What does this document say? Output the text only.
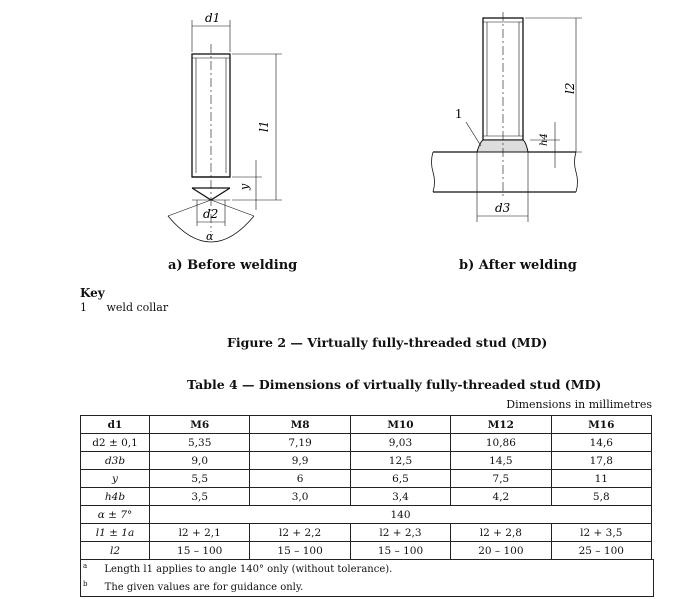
d1
l1
y
d2
α
l2
h4
d3
1
a) Before welding	b) After welding
Key
1 weld collar
Figure 2 — Virtually fully-threaded stud (MD)
Table 4 — Dimensions of virtually fully-threaded stud (MD)
Dimensions in millimetres
d1	M6	M8	M10	M12	M16
d2 ± 0,1	5,35	7,19	9,03	10,86	14,6
d3b	9,0	9,9	12,5	14,5	17,8
y	5,5	6	6,5	7,5	11
h4b	3,5	3,0	3,4	4,2	5,8
α ± 7°	140				
l1 ± 1a	l2 + 2,1	l2 + 2,2	l2 + 2,3	l2 + 2,8	l2 + 3,5
l2	15 – 100	15 – 100	15 – 100	20 – 100	25 – 100
$^a$ Length l1 applies to angle 140° only (without tolerance).
$^b$ The given values are for guidance only.
